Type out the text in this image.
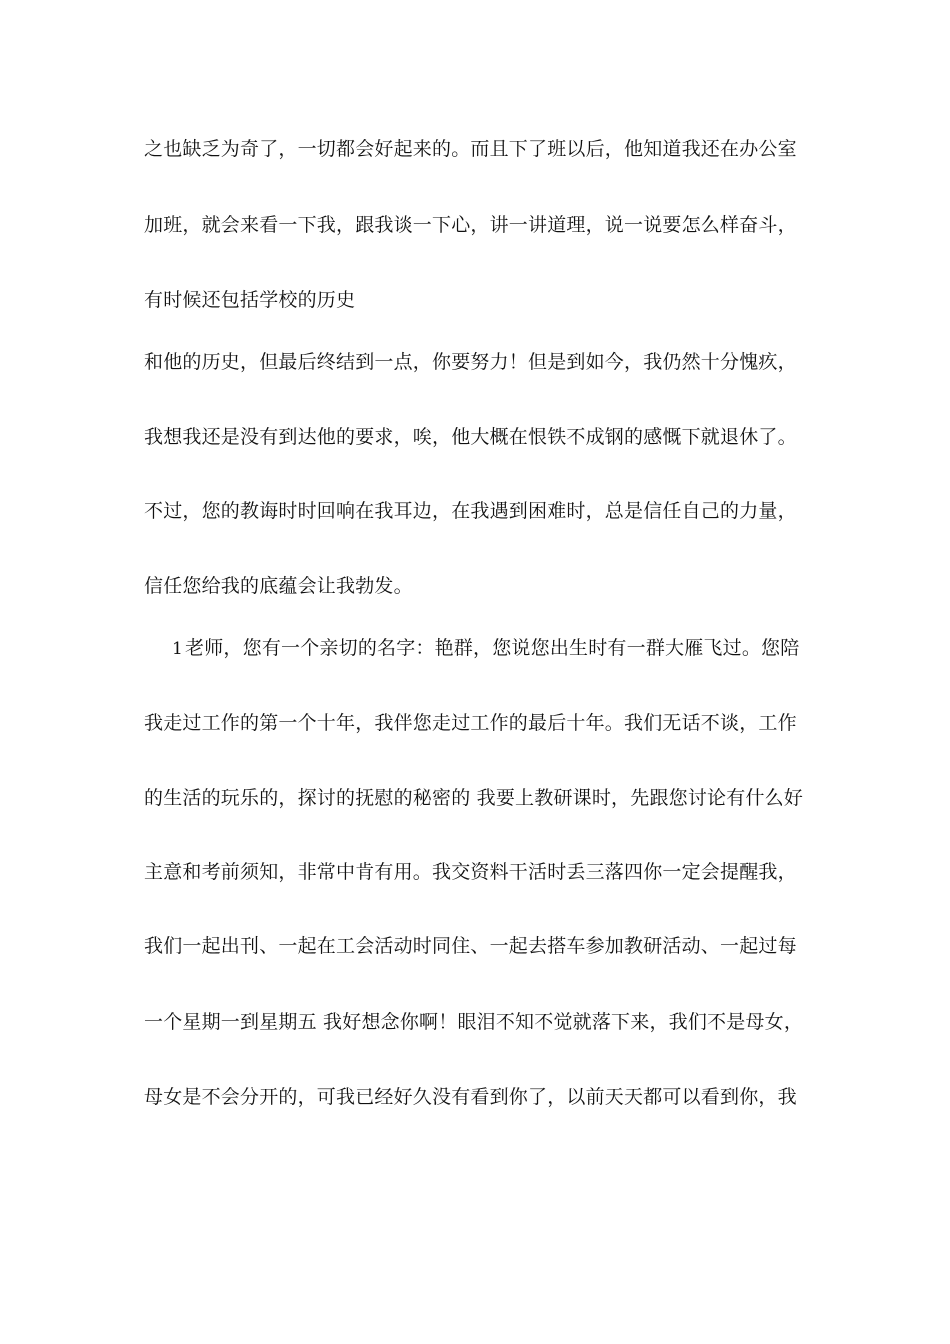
之也缺乏为奇了，一切都会好起来的。而且下了班以后，他知道我还在办公室
加班，就会来看一下我，跟我谈一下心，讲一讲道理，说一说要怎么样奋斗，
有时候还包括学校的历史
和他的历史，但最后终结到一点，你要努力！但是到如今，我仍然十分愧疚，
我想我还是没有到达他的要求，唉，他大概在恨铁不成钢的感慨下就退休了。
不过，您的教诲时时回响在我耳边，在我遇到困难时，总是信任自己的力量，
信任您给我的底蕴会让我勃发。
1 老师，您有一个亲切的名字：艳群，您说您出生时有一群大雁飞过。您陪
我走过工作的第一个十年，我伴您走过工作的最后十年。我们无话不谈，工作
的生活的玩乐的，探讨的抚慰的秘密的 我要上教研课时，先跟您讨论有什么好
主意和考前须知，非常中肯有用。我交资料干活时丢三落四你一定会提醒我，
我们一起出刊、一起在工会活动时同住、一起去搭车参加教研活动、一起过每
一个星期一到星期五 我好想念你啊！眼泪不知不觉就落下来，我们不是母女，
母女是不会分开的，可我已经好久没有看到你了，以前天天都可以看到你，我
